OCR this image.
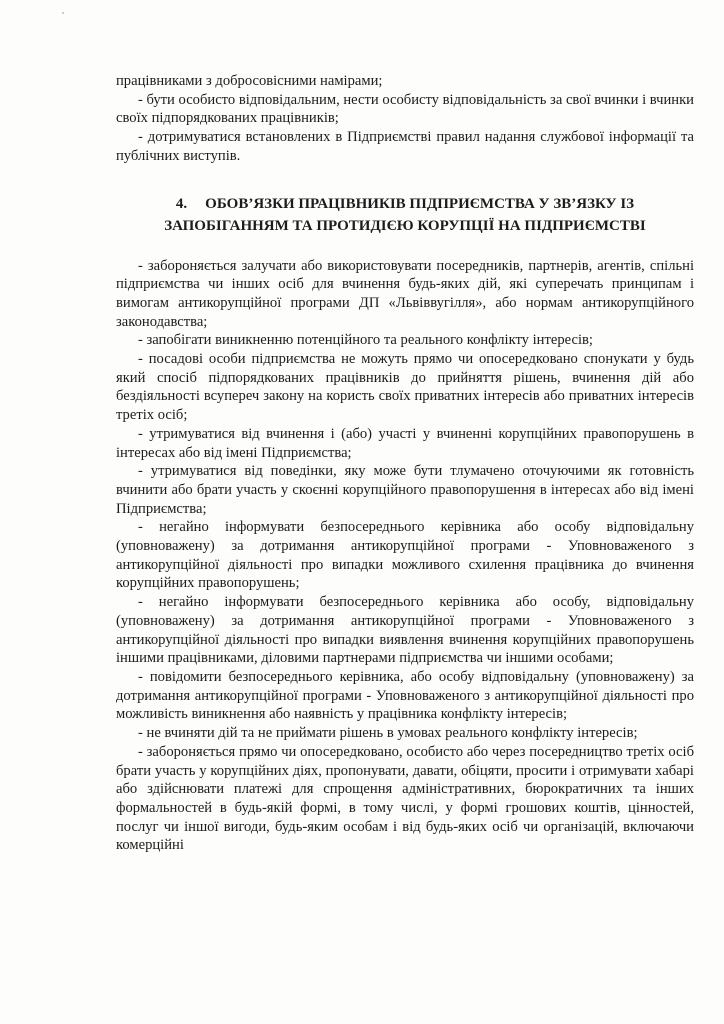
працівниками з добросовісними намірами;

- бути особисто відповідальним, нести особисту відповідальність за свої вчинки і вчинки своїх підпорядкованих працівників;

- дотримуватися встановлених в Підприємстві правил надання службової інформації та публічних виступів.

4. ОБОВ’ЯЗКИ ПРАЦІВНИКІВ ПІДПРИЄМСТВА У ЗВ’ЯЗКУ ІЗ ЗАПОБІГАННЯМ ТА ПРОТИДІЄЮ КОРУПЦІЇ НА ПІДПРИЄМСТВІ

- забороняється залучати або використовувати посередників, партнерів, агентів, спільні підприємства чи інших осіб для вчинення будь-яких дій, які суперечать принципам і вимогам антикорупційної програми ДП «Львіввугілля», або нормам антикорупційного законодавства;

- запобігати виникненню потенційного та реального конфлікту інтересів;

- посадові особи підприємства не можуть прямо чи опосередковано спонукати у будь який спосіб підпорядкованих працівників до прийняття рішень, вчинення дій або бездіяльності всупереч закону на користь своїх приватних інтересів або приватних інтересів третіх осіб;

- утримуватися від вчинення і (або) участі у вчиненні корупційних правопорушень в інтересах або від імені Підприємства;

- утримуватися від поведінки, яку може бути тлумачено оточуючими як готовність вчинити або брати участь у скоєнні корупційного правопорушення в інтересах або від імені Підприємства;

- негайно інформувати безпосереднього керівника або особу відповідальну (уповноважену) за дотримання антикорупційної програми - Уповноваженого з антикорупційної діяльності про випадки можливого схилення працівника до вчинення корупційних правопорушень;

- негайно інформувати безпосереднього керівника або особу, відповідальну (уповноважену) за дотримання антикорупційної програми - Уповноваженого з антикорупційної діяльності про випадки виявлення вчинення корупційних правопорушень іншими працівниками, діловими партнерами підприємства чи іншими особами;

- повідомити безпосереднього керівника, або особу відповідальну (уповноважену) за дотримання антикорупційної програми - Уповноваженого з антикорупційної діяльності про можливість виникнення або наявність у працівника конфлікту інтересів;

- не вчиняти дій та не приймати рішень в умовах реального конфлікту інтересів;

- забороняється прямо чи опосередковано, особисто або через посередництво третіх осіб брати участь у корупційних діях, пропонувати, давати, обіцяти, просити і отримувати хабарі або здійснювати платежі для спрощення адміністративних, бюрократичних та інших формальностей в будь-якій формі, в тому числі, у формі грошових коштів, цінностей, послуг чи іншої вигоди, будь-яким особам і від будь-яких осіб чи організацій, включаючи комерційні
